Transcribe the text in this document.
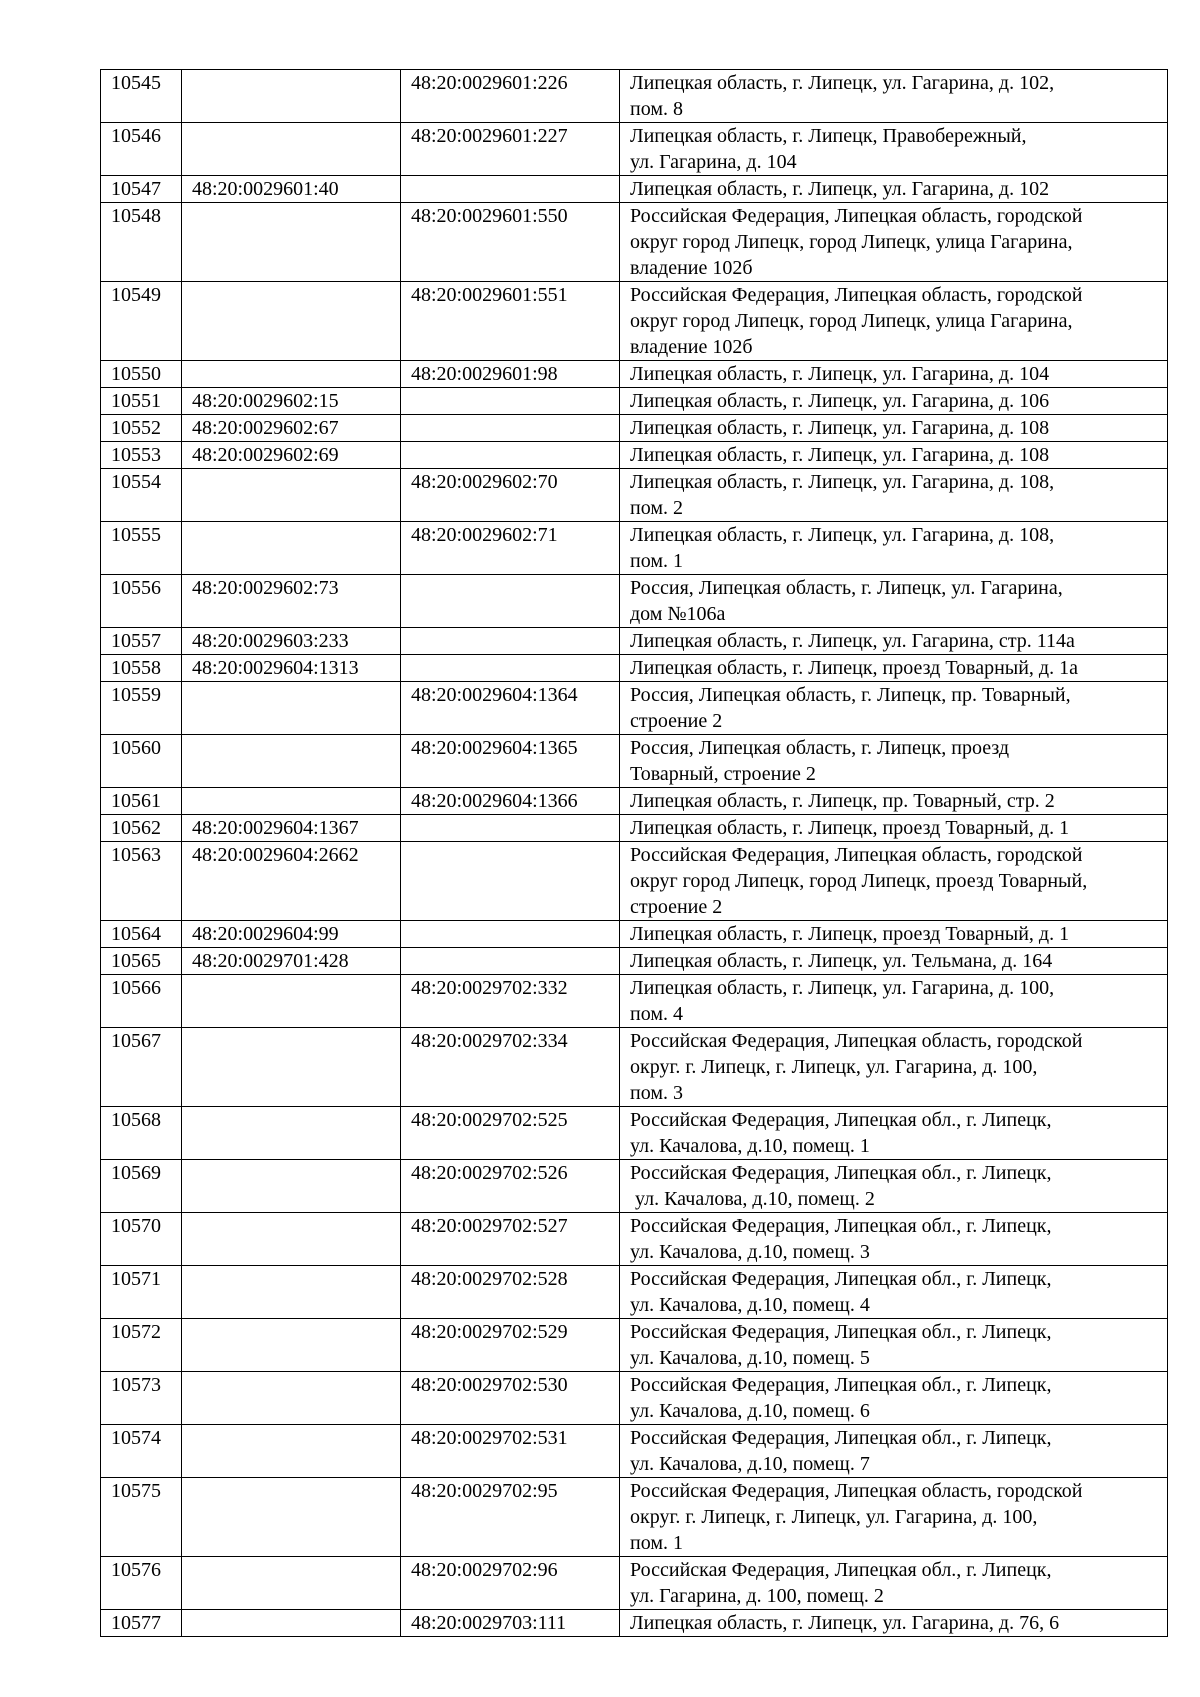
10545		48:20:0029601:226	Липецкая область, г. Липецк, ул. Гагарина, д. 102,
пом. 8
10546		48:20:0029601:227	Липецкая область, г. Липецк, Правобережный,
ул. Гагарина, д. 104
10547	48:20:0029601:40		Липецкая область, г. Липецк, ул. Гагарина, д. 102
10548		48:20:0029601:550	Российская Федерация, Липецкая область, городской
округ город Липецк, город Липецк, улица Гагарина,
владение 102б
10549		48:20:0029601:551	Российская Федерация, Липецкая область, городской
округ город Липецк, город Липецк, улица Гагарина,
владение 102б
10550		48:20:0029601:98	Липецкая область, г. Липецк, ул. Гагарина, д. 104
10551	48:20:0029602:15		Липецкая область, г. Липецк, ул. Гагарина, д. 106
10552	48:20:0029602:67		Липецкая область, г. Липецк, ул. Гагарина, д. 108
10553	48:20:0029602:69		Липецкая область, г. Липецк, ул. Гагарина, д. 108
10554		48:20:0029602:70	Липецкая область, г. Липецк, ул. Гагарина, д. 108,
пом. 2
10555		48:20:0029602:71	Липецкая область, г. Липецк, ул. Гагарина, д. 108,
пом. 1
10556	48:20:0029602:73		Россия, Липецкая область, г. Липецк, ул. Гагарина,
дом №106а
10557	48:20:0029603:233		Липецкая область, г. Липецк, ул. Гагарина, стр. 114а
10558	48:20:0029604:1313		Липецкая область, г. Липецк, проезд Товарный, д. 1а
10559		48:20:0029604:1364	Россия, Липецкая область, г. Липецк, пр. Товарный,
строение 2
10560		48:20:0029604:1365	Россия, Липецкая область, г. Липецк, проезд
Товарный, строение 2
10561		48:20:0029604:1366	Липецкая область, г. Липецк, пр. Товарный, стр. 2
10562	48:20:0029604:1367		Липецкая область, г. Липецк, проезд Товарный, д. 1
10563	48:20:0029604:2662		Российская Федерация, Липецкая область, городской
округ город Липецк, город Липецк, проезд Товарный,
строение 2
10564	48:20:0029604:99		Липецкая область, г. Липецк, проезд Товарный, д. 1
10565	48:20:0029701:428		Липецкая область, г. Липецк, ул. Тельмана, д. 164
10566		48:20:0029702:332	Липецкая область, г. Липецк, ул. Гагарина, д. 100,
пом. 4
10567		48:20:0029702:334	Российская Федерация, Липецкая область, городской
округ. г. Липецк, г. Липецк, ул. Гагарина, д. 100,
пом. 3
10568		48:20:0029702:525	Российская Федерация, Липецкая обл., г. Липецк,
ул. Качалова, д.10, помещ. 1
10569		48:20:0029702:526	Российская Федерация, Липецкая обл., г. Липецк,
ул. Качалова, д.10, помещ. 2
10570		48:20:0029702:527	Российская Федерация, Липецкая обл., г. Липецк,
ул. Качалова, д.10, помещ. 3
10571		48:20:0029702:528	Российская Федерация, Липецкая обл., г. Липецк,
ул. Качалова, д.10, помещ. 4
10572		48:20:0029702:529	Российская Федерация, Липецкая обл., г. Липецк,
ул. Качалова, д.10, помещ. 5
10573		48:20:0029702:530	Российская Федерация, Липецкая обл., г. Липецк,
ул. Качалова, д.10, помещ. 6
10574		48:20:0029702:531	Российская Федерация, Липецкая обл., г. Липецк,
ул. Качалова, д.10, помещ. 7
10575		48:20:0029702:95	Российская Федерация, Липецкая область, городской
округ. г. Липецк, г. Липецк, ул. Гагарина, д. 100,
пом. 1
10576		48:20:0029702:96	Российская Федерация, Липецкая обл., г. Липецк,
ул. Гагарина, д. 100, помещ. 2
10577		48:20:0029703:111	Липецкая область, г. Липецк, ул. Гагарина, д. 76, 6
